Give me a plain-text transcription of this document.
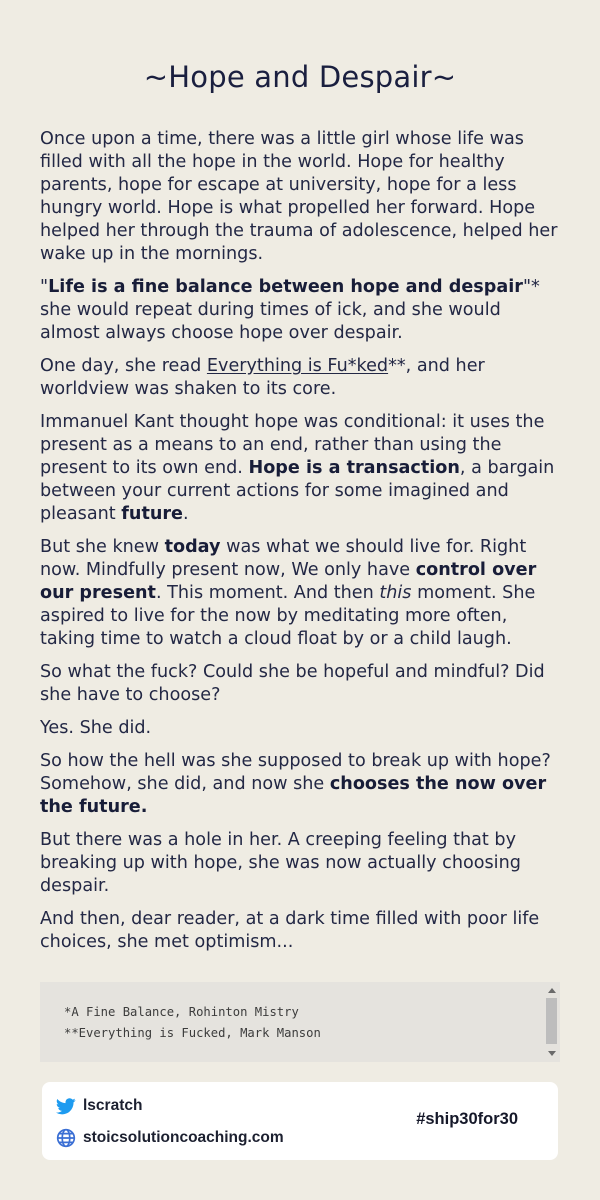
~Hope and Despair~

Once upon a time, there was a little girl whose life was filled with all the hope in the world. Hope for healthy parents, hope for escape at university, hope for a less hungry world. Hope is what propelled her forward. Hope helped her through the trauma of adolescence, helped her wake up in the mornings.

"Life is a fine balance between hope and despair"* she would repeat during times of ick, and she would almost always choose hope over despair.

One day, she read Everything is Fu*ked**, and her worldview was shaken to its core.

Immanuel Kant thought hope was conditional: it uses the present as a means to an end, rather than using the present to its own end. Hope is a transaction, a bargain between your current actions for some imagined and pleasant future.

But she knew today was what we should live for. Right now. Mindfully present now, We only have control over our present. This moment. And then this moment. She aspired to live for the now by meditating more often, taking time to watch a cloud float by or a child laugh.

So what the fuck? Could she be hopeful and mindful? Did she have to choose?

Yes. She did.

So how the hell was she supposed to break up with hope? Somehow, she did, and now she chooses the now over the future.

But there was a hole in her. A creeping feeling that by breaking up with hope, she was now actually choosing despair.

And then, dear reader, at a dark time filled with poor life choices, she met optimism...

*A Fine Balance, Rohinton Mistry
**Everything is Fucked, Mark Manson
lscratch
stoicsolutioncoaching.com
#ship30for30
